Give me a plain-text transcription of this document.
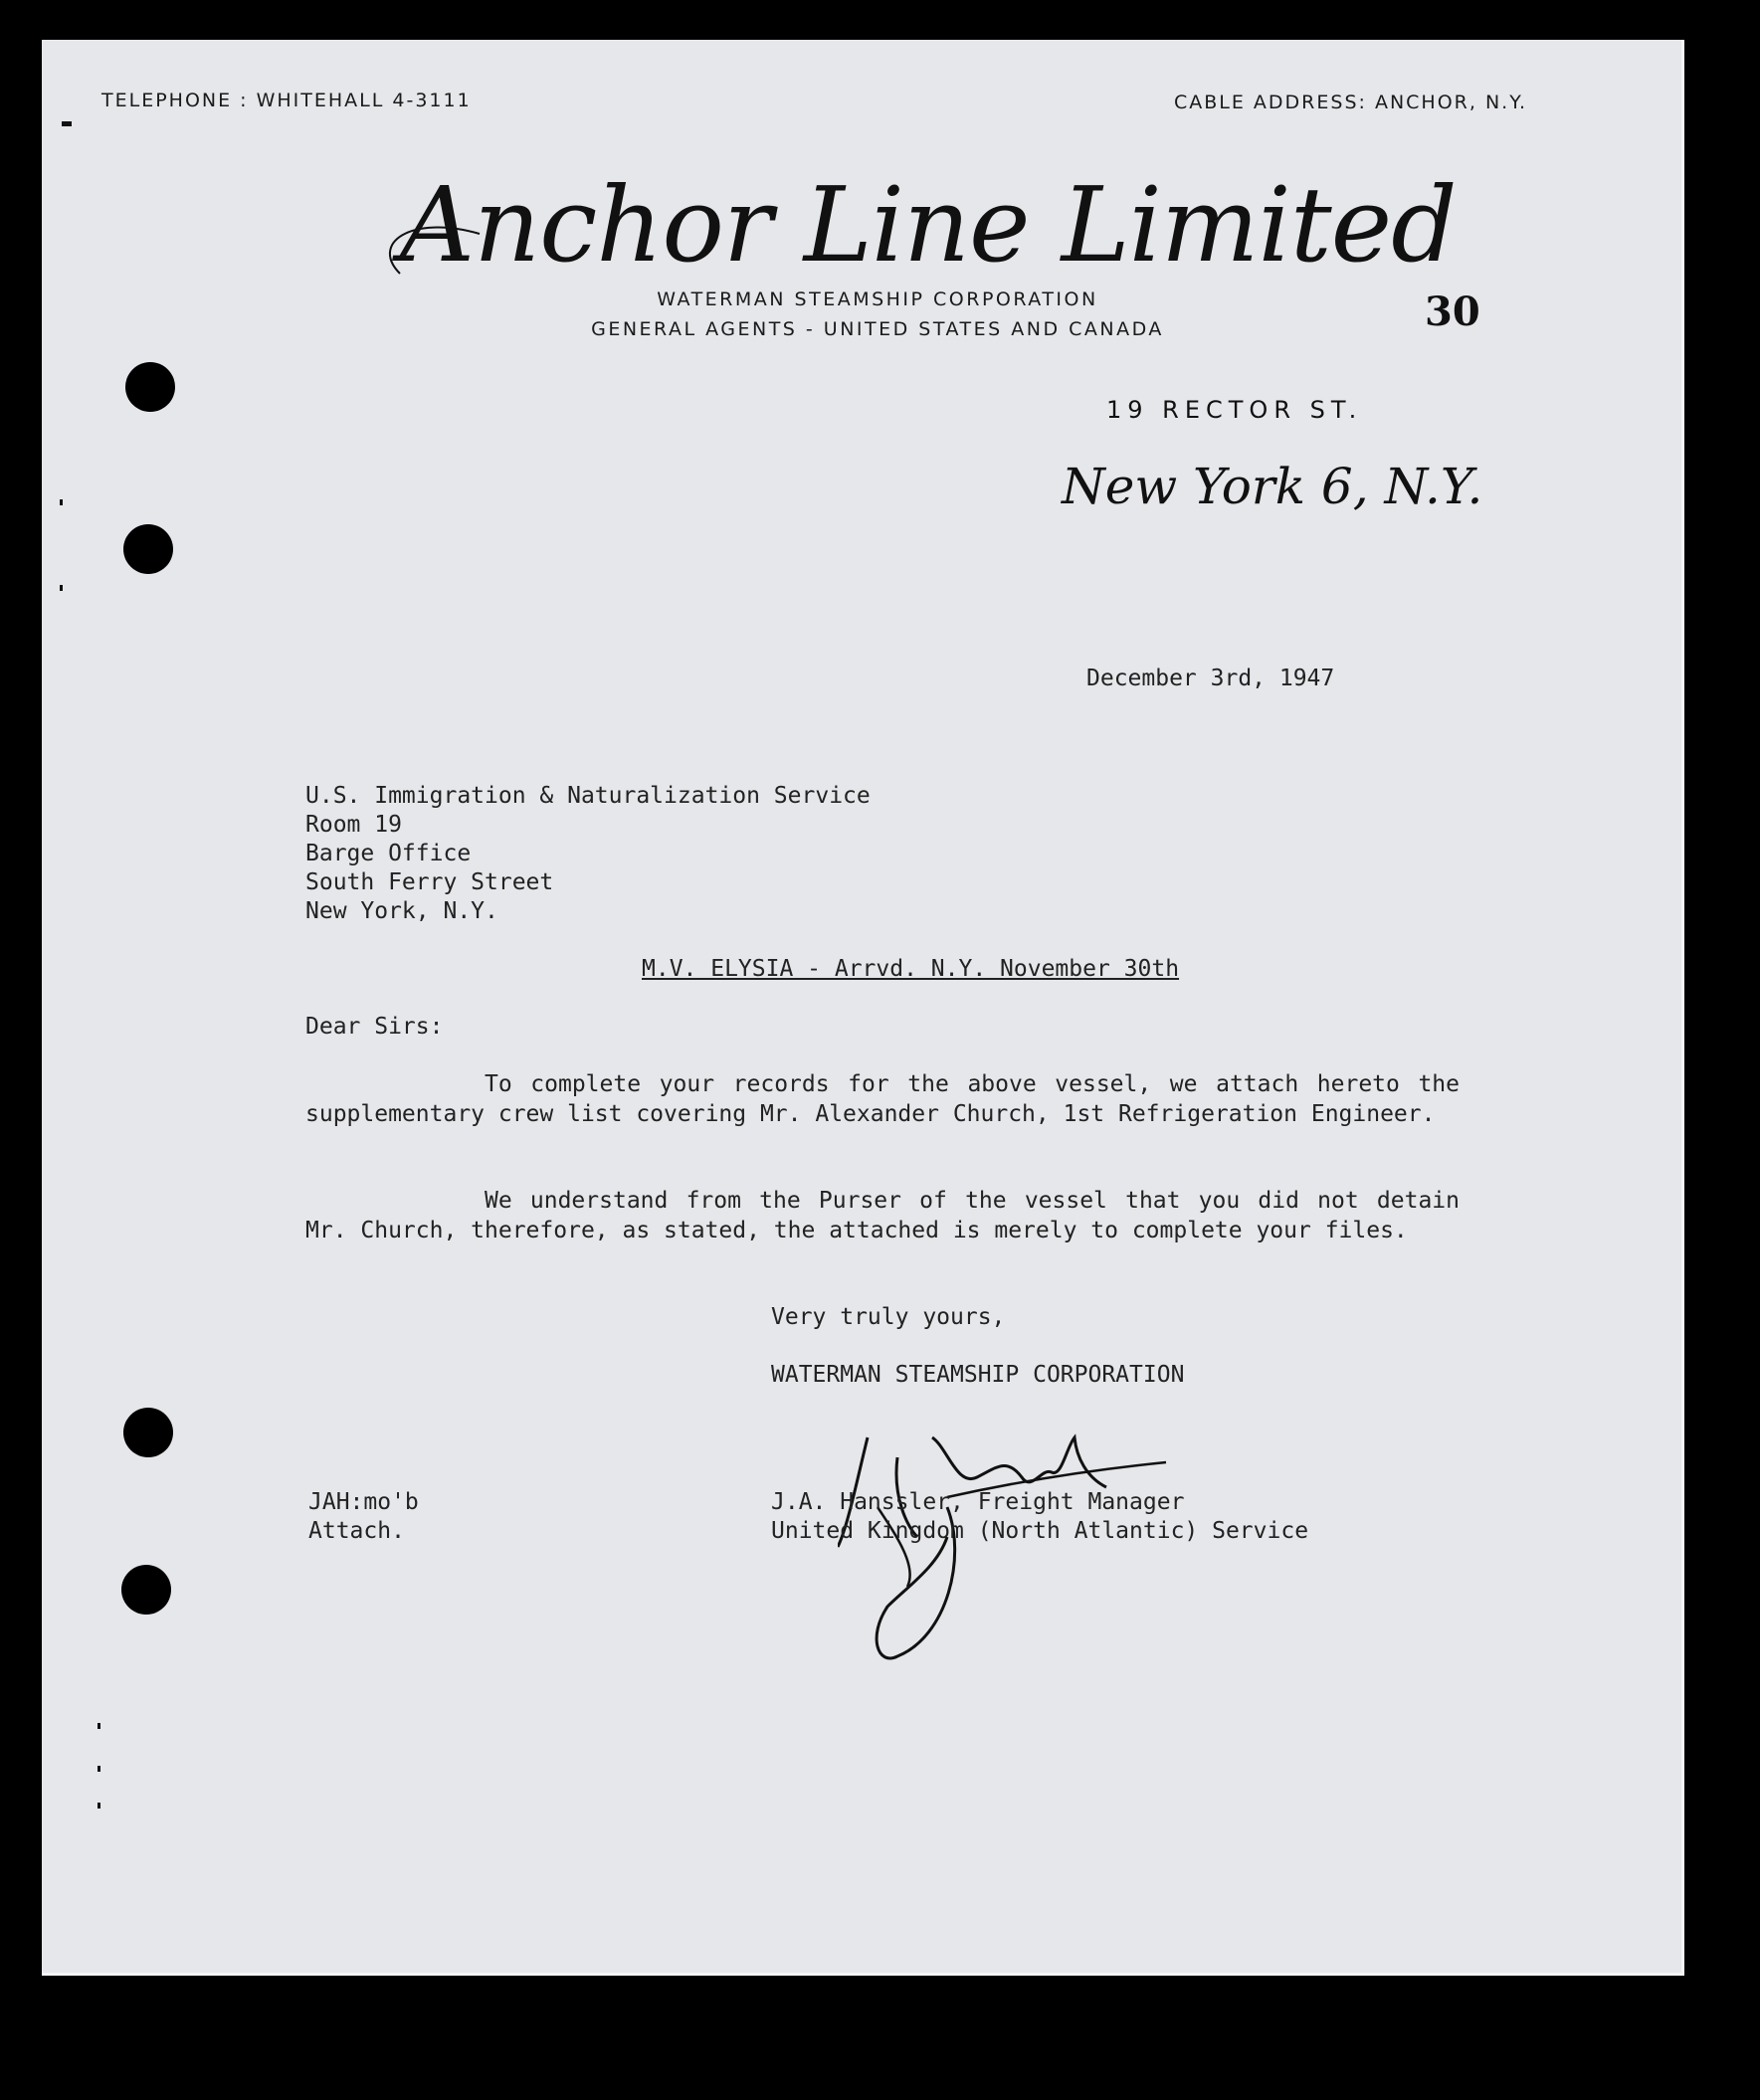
TELEPHONE : WHITEHALL 4-3111	CABLE ADDRESS: ANCHOR, N.Y.
Anchor Line Limited
WATERMAN STEAMSHIP CORPORATION
GENERAL AGENTS - UNITED STATES AND CANADA	30
19 RECTOR ST.
New York 6, N.Y.
December 3rd, 1947
U.S. Immigration & Naturalization Service
Room 19
Barge Office
South Ferry Street
New York, N.Y.
M.V. ELYSIA - Arrvd. N.Y. November 30th
Dear Sirs:
To complete your records for the above vessel, we attach hereto the supplementary crew list covering Mr. Alexander Church, 1st Refrigeration Engineer.
We understand from the Purser of the vessel that you did not detain Mr. Church, therefore, as stated, the attached is merely to complete your files.
Very truly yours,
WATERMAN STEAMSHIP CORPORATION
JAH:mo'b
Attach.
J.A. Hanssler, Freight Manager
United Kingdom (North Atlantic) Service
